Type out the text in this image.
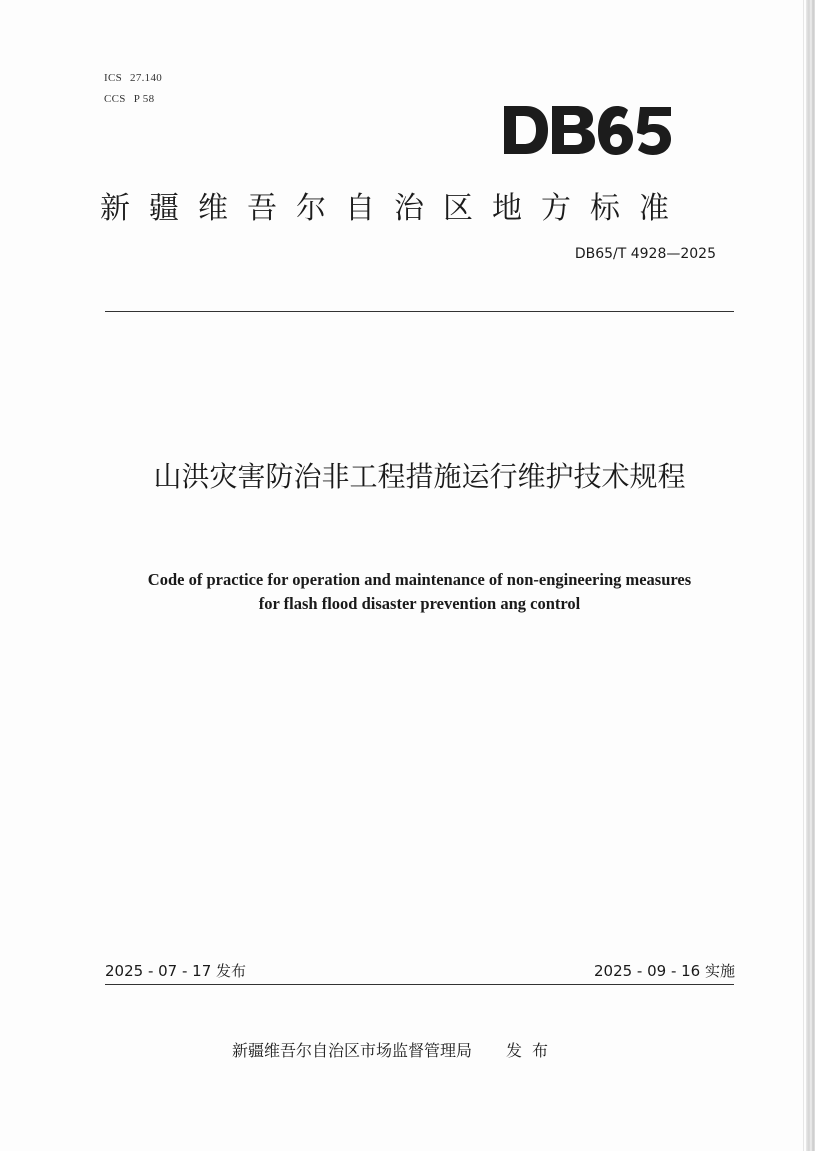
ICS 27.140
CCS P 58
新疆维吾尔自治区地方标准
DB65/T 4928—2025
山洪灾害防治非工程措施运行维护技术规程
Code of practice for operation and maintenance of non-engineering measures
for flash flood disaster prevention ang control
2025 - 07 - 17 发布	2025 - 09 - 16 实施
新疆维吾尔自治区市场监督管理局 发布
